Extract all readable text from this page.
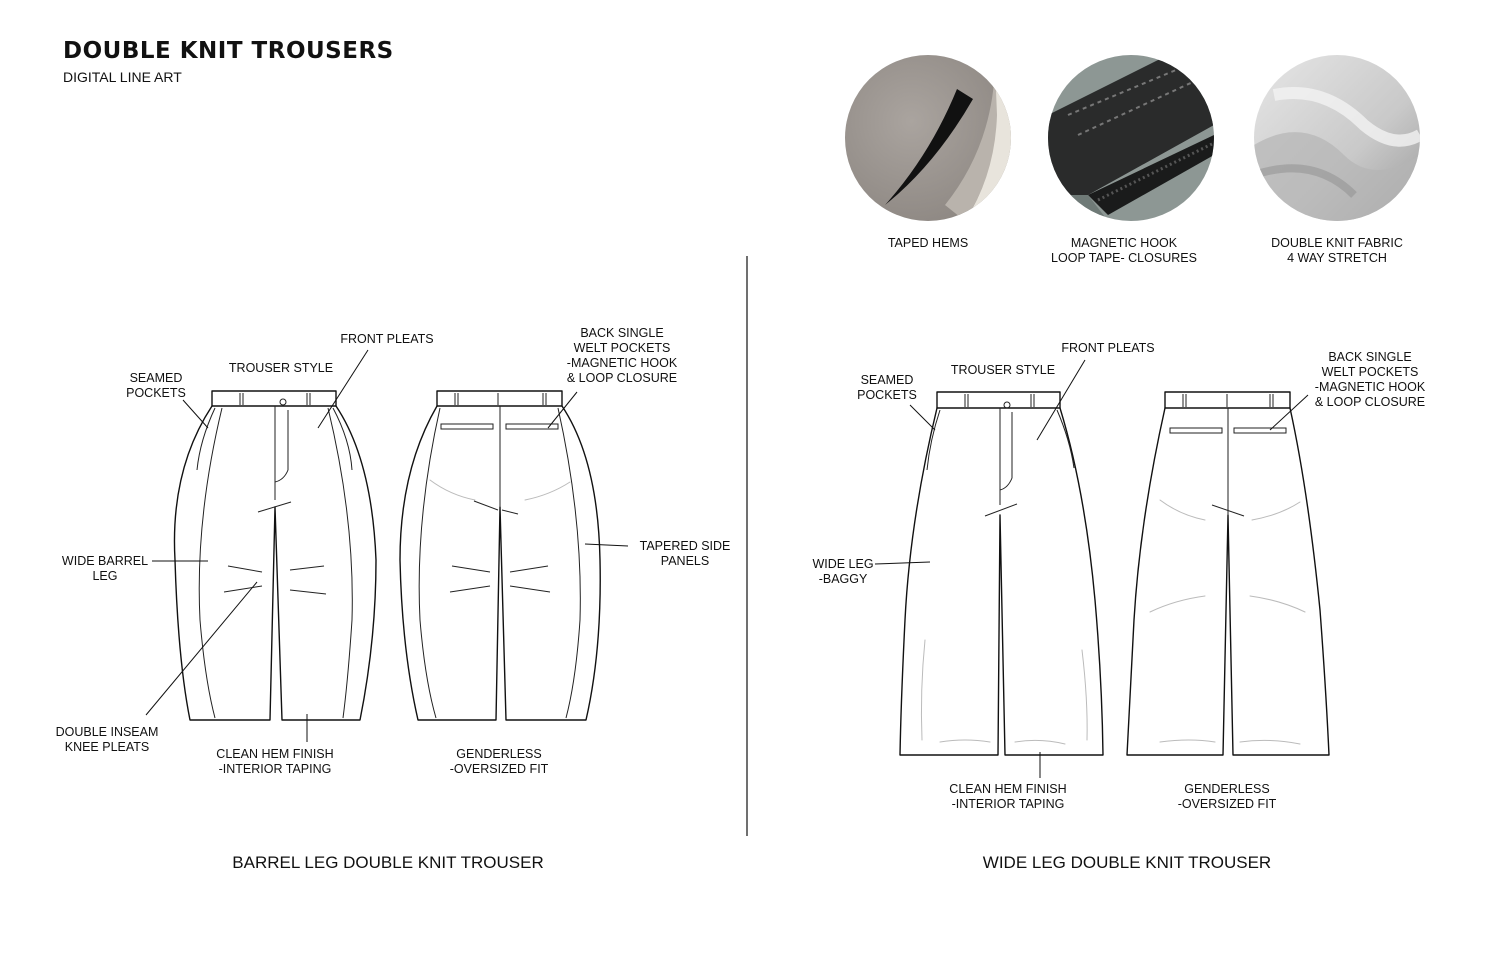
DOUBLE KNIT TROUSERS
DIGITAL LINE ART
TAPED HEMS	MAGNETIC HOOK
LOOP TAPE- CLOSURES
DOUBLE KNIT FABRIC
4 WAY STRETCH
SEAMED
POCKETS
TROUSER STYLE
FRONT PLEATS	BACK SINGLE
WELT POCKETS
-MAGNETIC HOOK
& LOOP CLOSURE
WIDE BARREL
LEG
TAPERED SIDE
PANELS
DOUBLE INSEAM
KNEE PLEATS	CLEAN HEM FINISH
-INTERIOR TAPING
GENDERLESS
-OVERSIZED FIT
BARREL LEG DOUBLE KNIT TROUSER
SEAMED
POCKETS
TROUSER STYLE
FRONT PLEATS
BACK SINGLE
WELT POCKETS
-MAGNETIC HOOK
& LOOP CLOSURE
WIDE LEG
-BAGGY
CLEAN HEM FINISH
-INTERIOR TAPING
GENDERLESS
-OVERSIZED FIT
WIDE LEG DOUBLE KNIT TROUSER
